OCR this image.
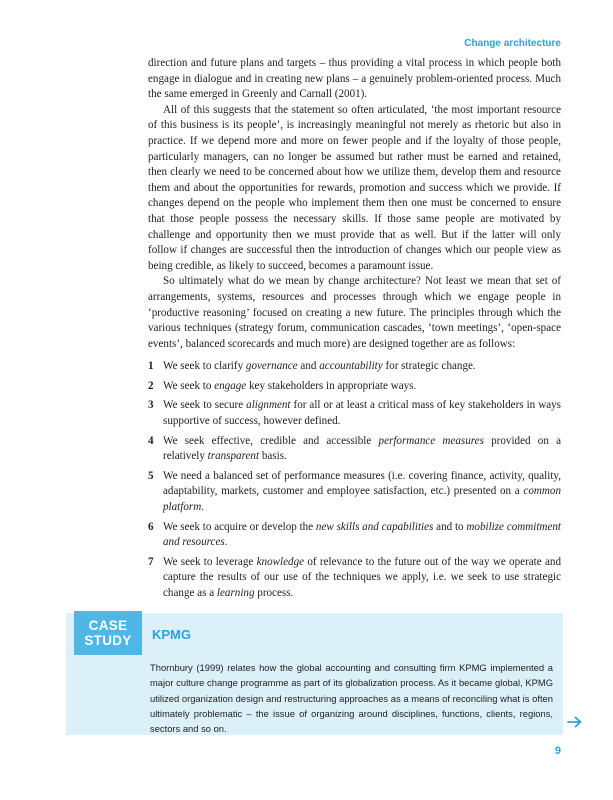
Change architecture

direction and future plans and targets – thus providing a vital process in which people both engage in dialogue and in creating new plans – a genuinely problem-oriented process. Much the same emerged in Greenly and Carnall (2001).

All of this suggests that the statement so often articulated, ‘the most important resource of this business is its people’, is increasingly meaningful not merely as rhetoric but also in practice. If we depend more and more on fewer people and if the loyalty of those people, particularly managers, can no longer be assumed but rather must be earned and retained, then clearly we need to be concerned about how we utilize them, develop them and resource them and about the opportunities for rewards, promotion and success which we provide. If changes depend on the people who implement them then one must be concerned to ensure that those people possess the necessary skills. If those same people are motivated by challenge and opportunity then we must provide that as well. But if the latter will only follow if changes are successful then the introduction of changes which our people view as being credible, as likely to succeed, becomes a paramount issue.

So ultimately what do we mean by change architecture? Not least we mean that set of arrangements, systems, resources and processes through which we engage people in ‘productive reasoning’ focused on creating a new future. The principles through which the various techniques (strategy forum, communication cascades, ‘town meetings’, ‘open-space events’, balanced scorecards and much more) are designed together are as follows:

1 We seek to clarify governance and accountability for strategic change.
2 We seek to engage key stakeholders in appropriate ways.
3 We seek to secure alignment for all or at least a critical mass of key stakeholders in ways supportive of success, however defined.
4 We seek effective, credible and accessible performance measures provided on a relatively transparent basis.
5 We need a balanced set of performance measures (i.e. covering finance, activity, quality, adaptability, markets, customer and employee satisfaction, etc.) presented on a common platform.
6 We seek to acquire or develop the new skills and capabilities and to mobilize commitment and resources.
7 We seek to leverage knowledge of relevance to the future out of the way we operate and capture the results of our use of the techniques we apply, i.e. we seek to use strategic change as a learning process.
CASE
STUDY	KPMG
Thornbury (1999) relates how the global accounting and consulting firm KPMG implemented a major culture change programme as part of its globalization process. As it became global, KPMG utilized organization design and restructuring approaches as a means of reconciling what is often ultimately problematic – the issue of organizing around disciplines, functions, clients, regions, sectors and so on.
9
